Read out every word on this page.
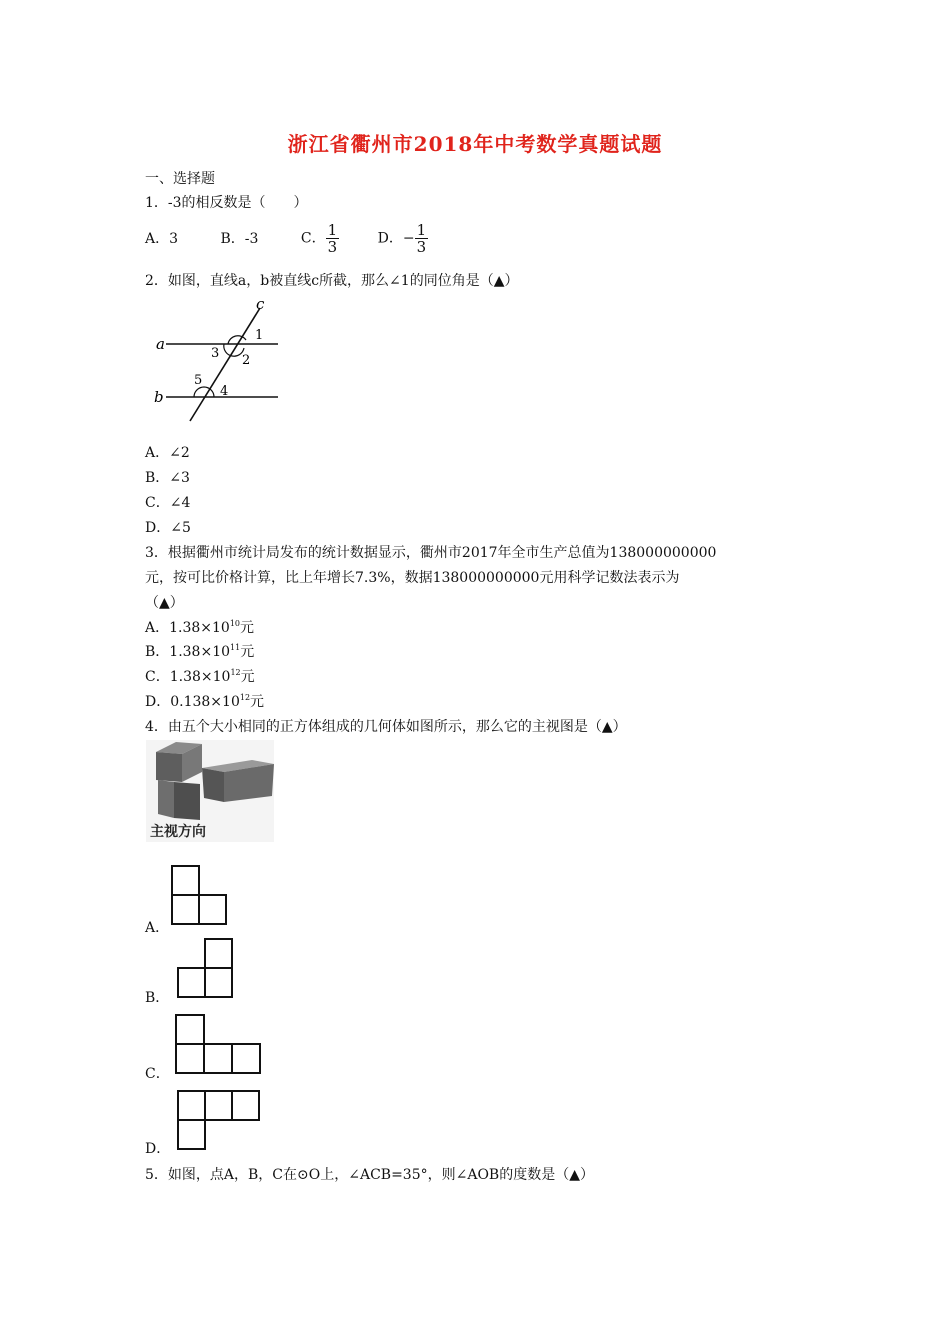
浙江省衢州市2018年中考数学真题试题
一、选择题
1．-3的相反数是（　　）
A．3	B．-3	C． $\frac{1}{3}$	D．− $\frac{1}{3}$
2．如图，直线a，b被直线c所截，那么∠1的同位角是（▲）
a
b
c
1
2
3
4
5
A．∠2
B．∠3
C．∠4
D．∠5
3．根据衢州市统计局发布的统计数据显示，衢州市2017年全市生产总值为138000000000
元，按可比价格计算，比上年增长7.3%，数据138000000000元用科学记数法表示为
（▲）
A．$1.38\times 10^{10}$元
B．$1.38\times 10^{11}$元
C．$1.38\times 10^{12}$元
D．$0.138\times 10^{12}$元
4．由五个大小相同的正方体组成的几何体如图所示，那么它的主视图是（▲）
主视方向
A．
B．
C．
D．
5．如图，点A，B，C在⊙O上，∠ACB=35°，则∠AOB的度数是（▲）
